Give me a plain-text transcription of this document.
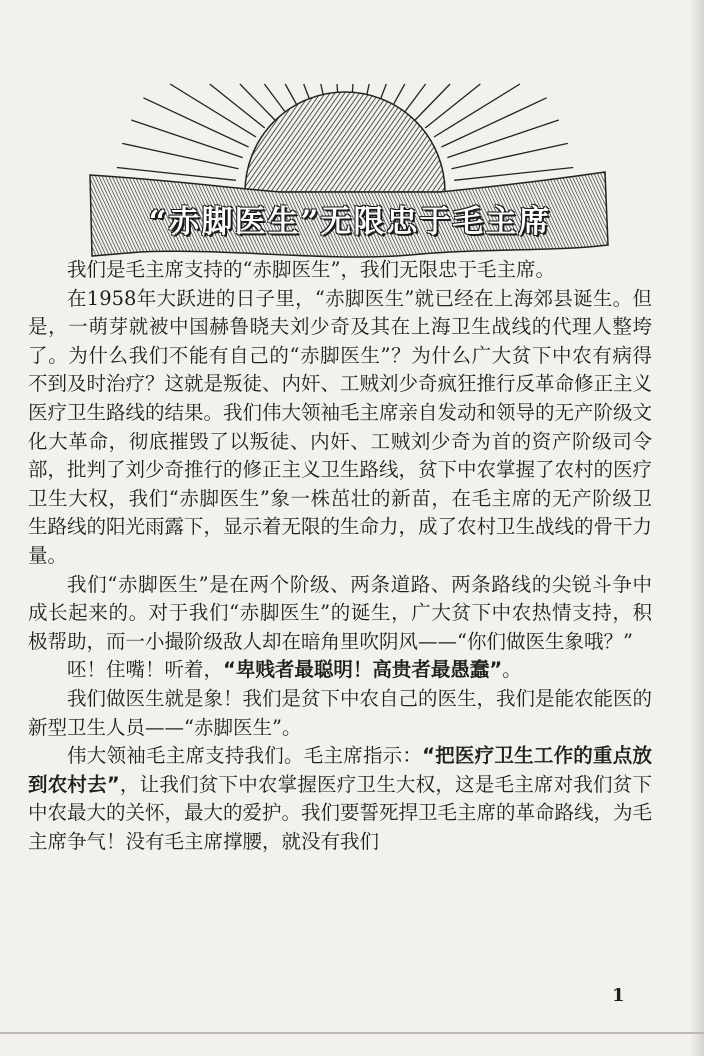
“赤脚医生”无限忠于毛主席

我们是毛主席支持的“赤脚医生”，我们无限忠于毛主席。

在1958年大跃进的日子里，“赤脚医生”就已经在上海郊县诞生。但是，一萌芽就被中国赫鲁晓夫刘少奇及其在上海卫生战线的代理人整垮了。为什么我们不能有自己的“赤脚医生”？为什么广大贫下中农有病得不到及时治疗？这就是叛徒、内奸、工贼刘少奇疯狂推行反革命修正主义医疗卫生路线的结果。我们伟大领袖毛主席亲自发动和领导的无产阶级文化大革命，彻底摧毁了以叛徒、内奸、工贼刘少奇为首的资产阶级司令部，批判了刘少奇推行的修正主义卫生路线，贫下中农掌握了农村的医疗卫生大权，我们“赤脚医生”象一株茁壮的新苗，在毛主席的无产阶级卫生路线的阳光雨露下，显示着无限的生命力，成了农村卫生战线的骨干力量。

我们“赤脚医生”是在两个阶级、两条道路、两条路线的尖锐斗争中成长起来的。对于我们“赤脚医生”的诞生，广大贫下中农热情支持，积极帮助，而一小撮阶级敌人却在暗角里吹阴风——“你们做医生象哦？”

呸！住嘴！听着，“卑贱者最聪明！高贵者最愚蠢”。

我们做医生就是象！我们是贫下中农自己的医生，我们是能农能医的新型卫生人员——“赤脚医生”。

伟大领袖毛主席支持我们。毛主席指示：“把医疗卫生工作的重点放到农村去”，让我们贫下中农掌握医疗卫生大权，这是毛主席对我们贫下中农最大的关怀，最大的爱护。我们要誓死捍卫毛主席的革命路线，为毛主席争气！没有毛主席撑腰，就没有我们

1
